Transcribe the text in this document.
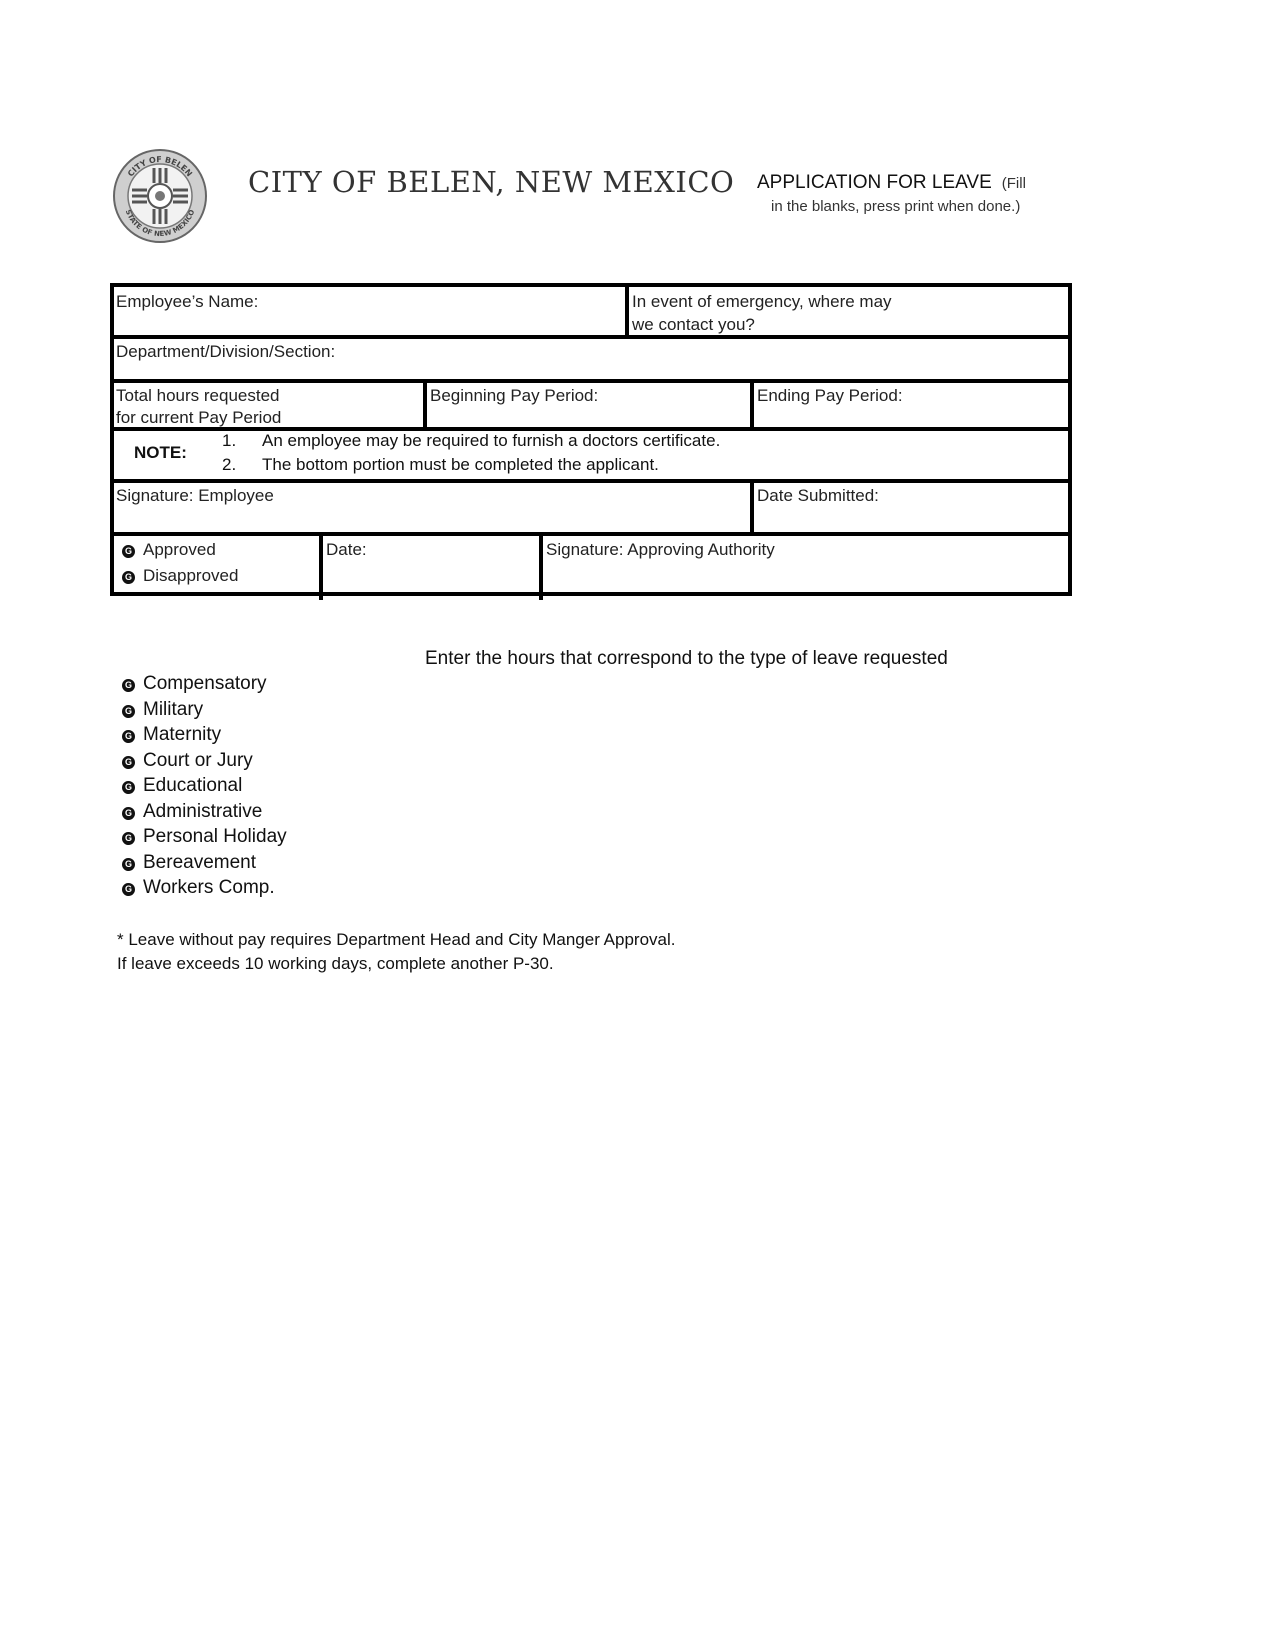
CITY OF BELEN
STATE OF NEW MEXICO
CITY OF BELEN, NEW MEXICO APPLICATION FOR LEAVE (Fill
in the blanks, press print when done.)
Employee’s Name:	In event of emergency, where may
we contact you?
Department/Division/Section:
Total hours requested
for current Pay Period
Beginning Pay Period:	Ending Pay Period:
NOTE:
1. An employee may be required to furnish a doctors certificate.
2. The bottom portion must be completed the applicant.
Signature: Employee	Date Submitted:
G Approved
G Disapproved
Date:	Signature: Approving Authority
Enter the hours that correspond to the type of leave requested
G Compensatory
G Military
G Maternity
G Court or Jury
G Educational
G Administrative
G Personal Holiday
G Bereavement
G Workers Comp.
* Leave without pay requires Department Head and City Manger Approval.
If leave exceeds 10 working days, complete another P-30.
